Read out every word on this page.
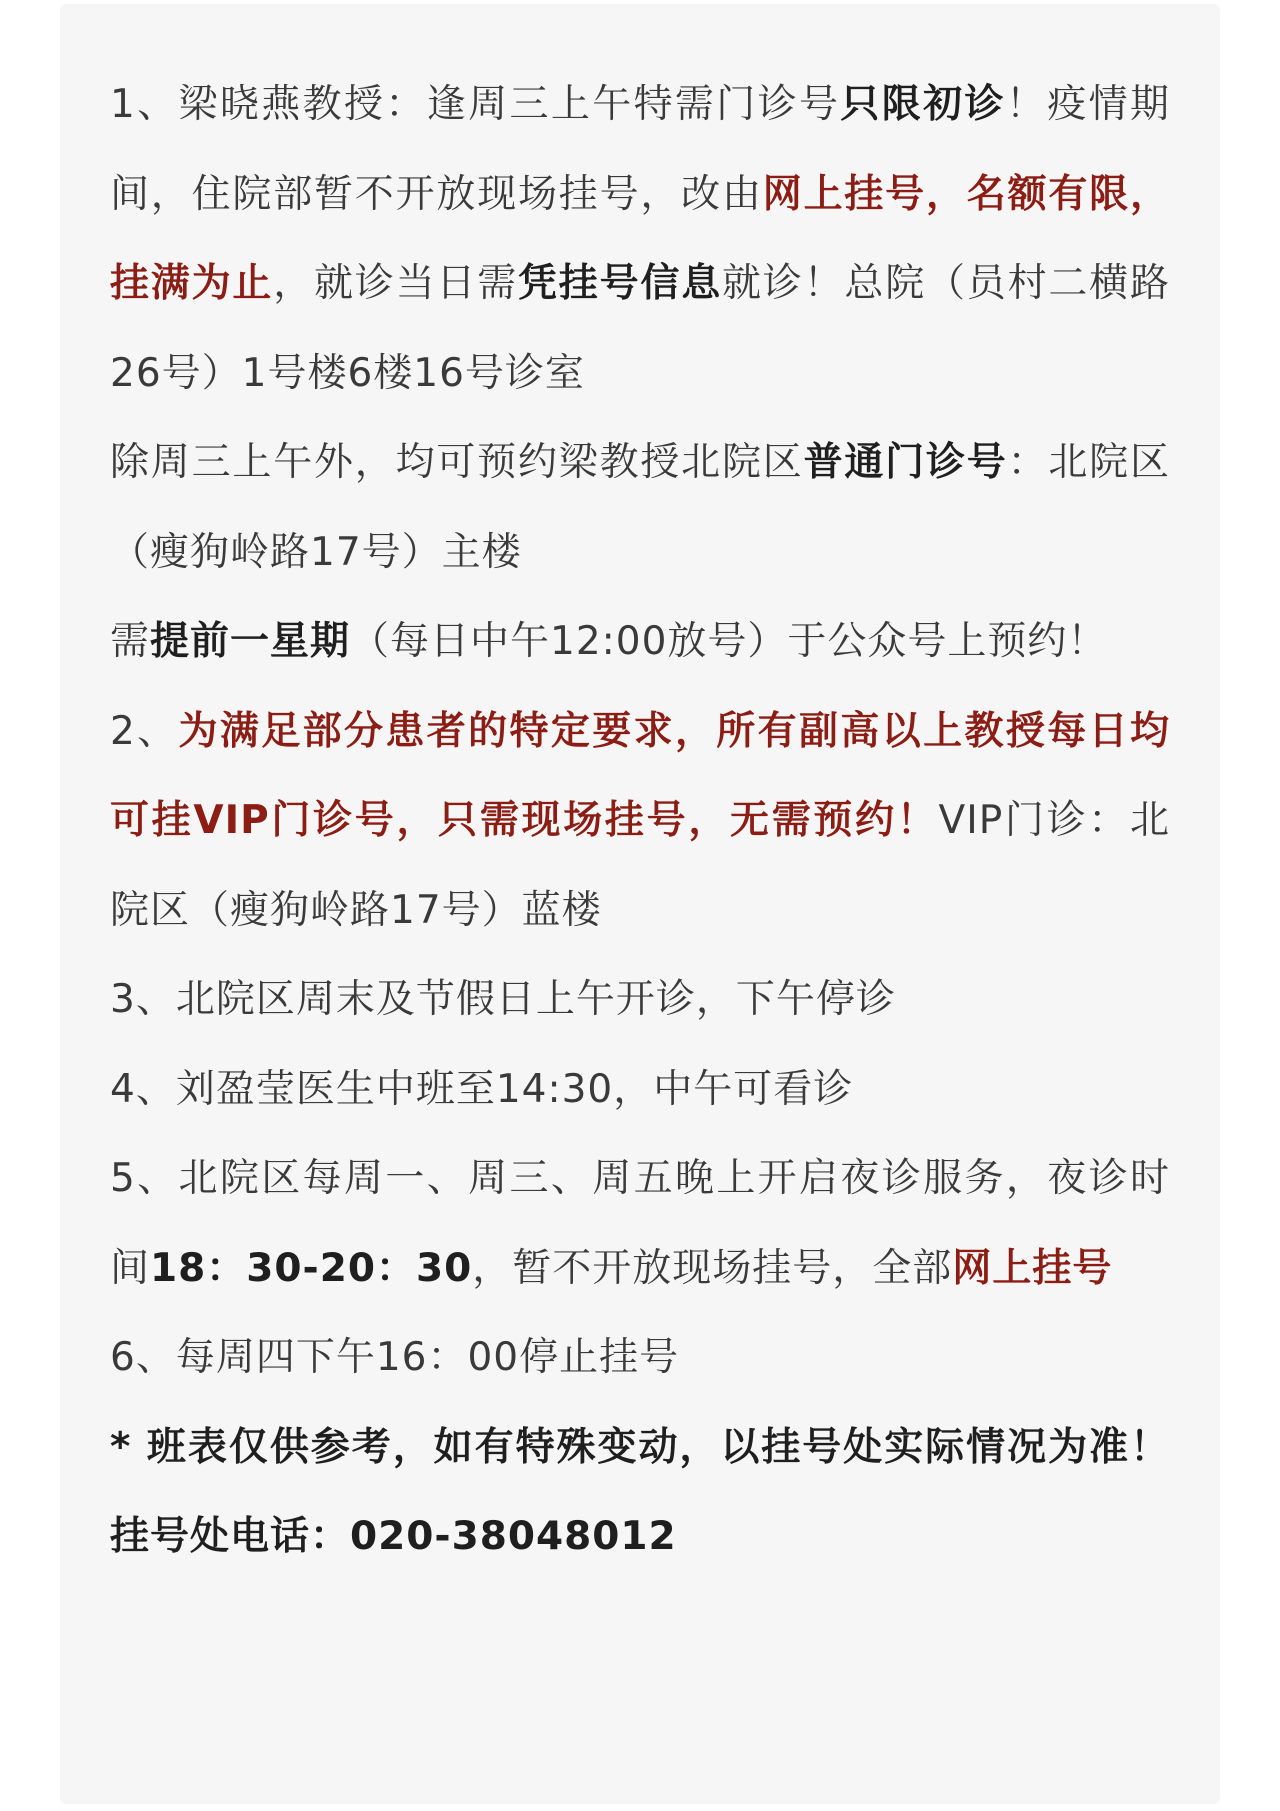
1、梁晓燕教授：逢周三上午特需门诊号只限初诊！疫情期间，住院部暂不开放现场挂号，改由网上挂号，名额有限，挂满为止，就诊当日需凭挂号信息就诊！总院（员村二横路26号）1号楼6楼16号诊室

除周三上午外，均可预约梁教授北院区普通门诊号：北院区（瘦狗岭路17号）主楼

需提前一星期（每日中午12:00放号）于公众号上预约！

2、为满足部分患者的特定要求，所有副高以上教授每日均可挂VIP门诊号，只需现场挂号，无需预约！VIP门诊：北院区（瘦狗岭路17号）蓝楼

3、北院区周末及节假日上午开诊，下午停诊

4、刘盈莹医生中班至14:30，中午可看诊

5、北院区每周一、周三、周五晚上开启夜诊服务，夜诊时间18：30-20：30，暂不开放现场挂号，全部网上挂号

6、每周四下午16：00停止挂号

* 班表仅供参考，如有特殊变动，以挂号处实际情况为准！挂号处电话：020-38048012
